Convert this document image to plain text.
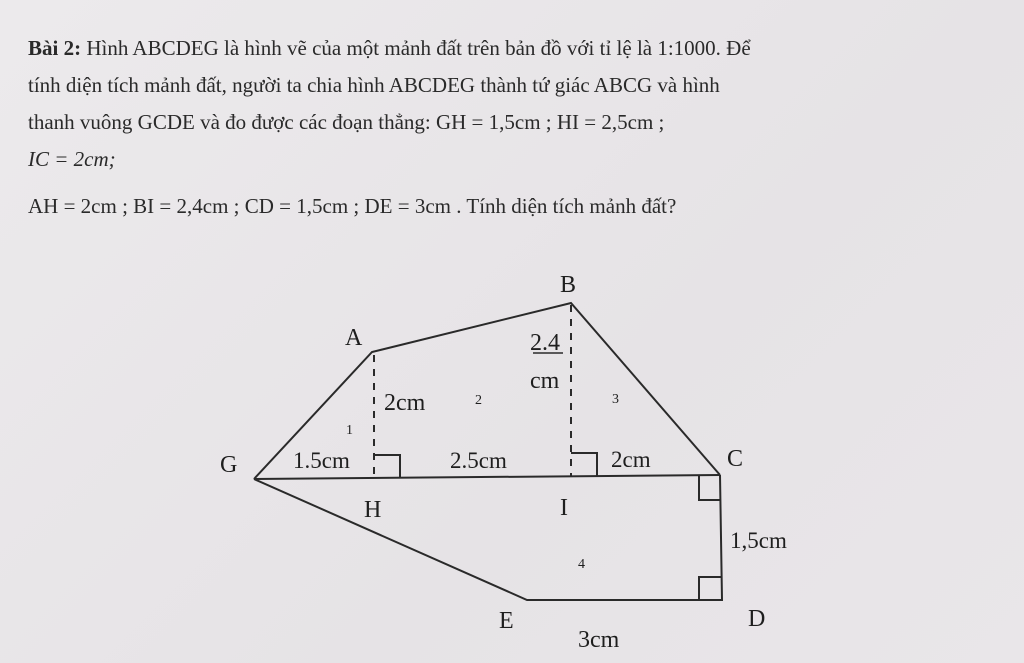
Bài 2: Hình ABCDEG là hình vẽ của một mảnh đất trên bản đồ với tỉ lệ là 1:1000. Để

tính diện tích mảnh đất, người ta chia hình ABCDEG thành tứ giác ABCG và hình

thanh vuông GCDE và đo được các đoạn thẳng: GH = 1,5cm ; HI = 2,5cm ;

IC = 2cm;

AH = 2cm ; BI = 2,4cm ; CD = 1,5cm ; DE = 3cm . Tính diện tích mảnh đất?

B
A
G	C
H	I
E	D
2cm
2.4
cm
1.5cm	2.5cm	2cm
1,5cm
3cm
1
2	3
4
